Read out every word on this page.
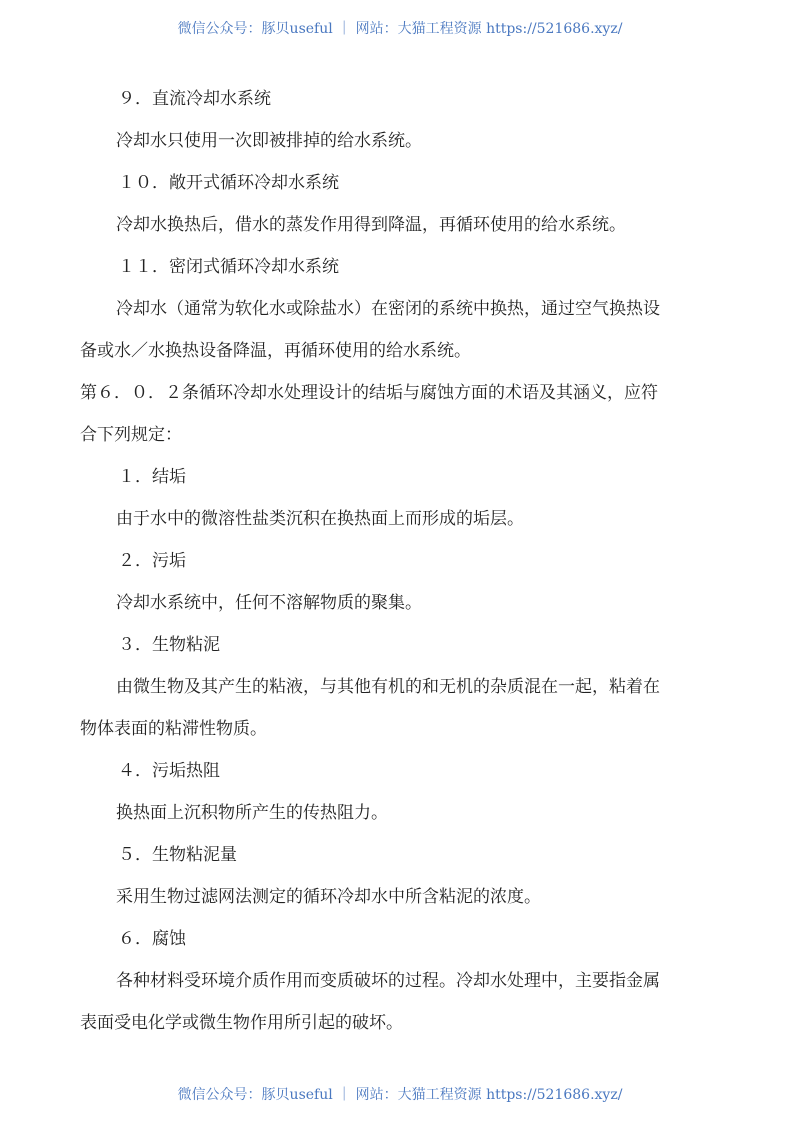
微信公众号：豚贝useful ｜ 网站：大猫工程资源 https://521686.xyz/
９．直流冷却水系统
冷却水只使用一次即被排掉的给水系统。
１０．敞开式循环冷却水系统
冷却水换热后，借水的蒸发作用得到降温，再循环使用的给水系统。
１１．密闭式循环冷却水系统
冷却水（通常为软化水或除盐水）在密闭的系统中换热，通过空气换热设
备或水／水换热设备降温，再循环使用的给水系统。
第６．０．２条循环冷却水处理设计的结垢与腐蚀方面的术语及其涵义，应符
合下列规定：
１．结垢
由于水中的微溶性盐类沉积在换热面上而形成的垢层。
２．污垢
冷却水系统中，任何不溶解物质的聚集。
３．生物粘泥
由微生物及其产生的粘液，与其他有机的和无机的杂质混在一起，粘着在
物体表面的粘滞性物质。
４．污垢热阻
换热面上沉积物所产生的传热阻力。
５．生物粘泥量
采用生物过滤网法测定的循环冷却水中所含粘泥的浓度。
６．腐蚀
各种材料受环境介质作用而变质破坏的过程。冷却水处理中，主要指金属
表面受电化学或微生物作用所引起的破坏。
微信公众号：豚贝useful ｜ 网站：大猫工程资源 https://521686.xyz/
